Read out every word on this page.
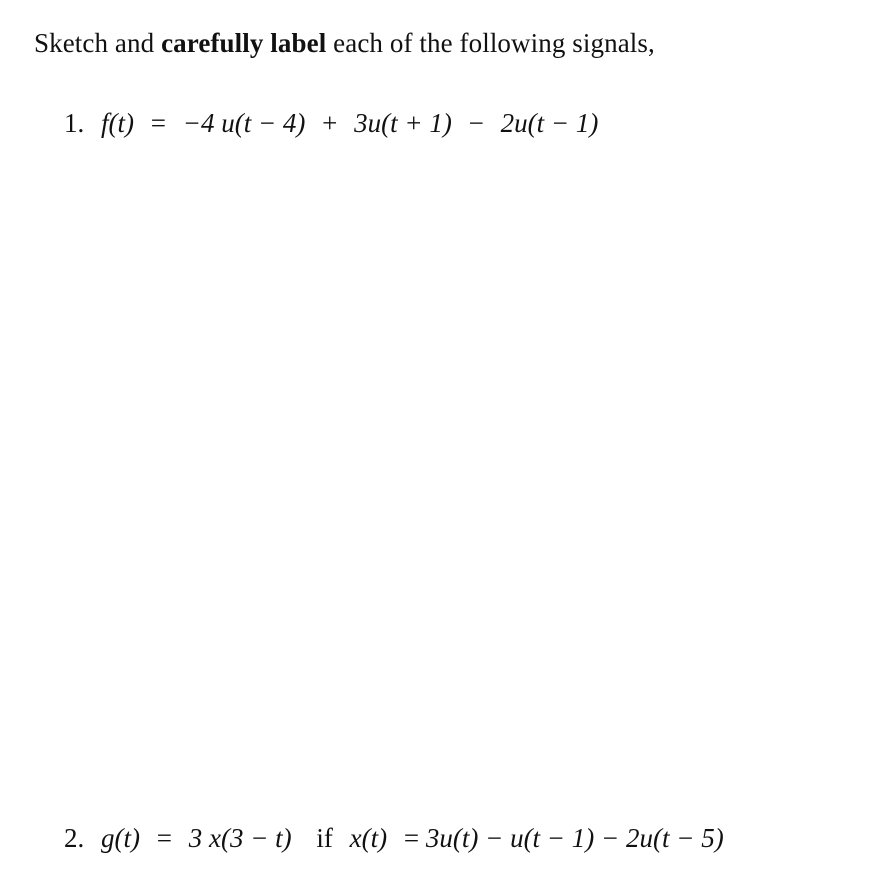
Sketch and carefully label each of the following signals,
1. f(t) = −4 u(t − 4) + 3u(t + 1) − 2u(t − 1)
2. g(t) = 3 x(3 − t) if x(t) = 3u(t) − u(t − 1) − 2u(t − 5)
